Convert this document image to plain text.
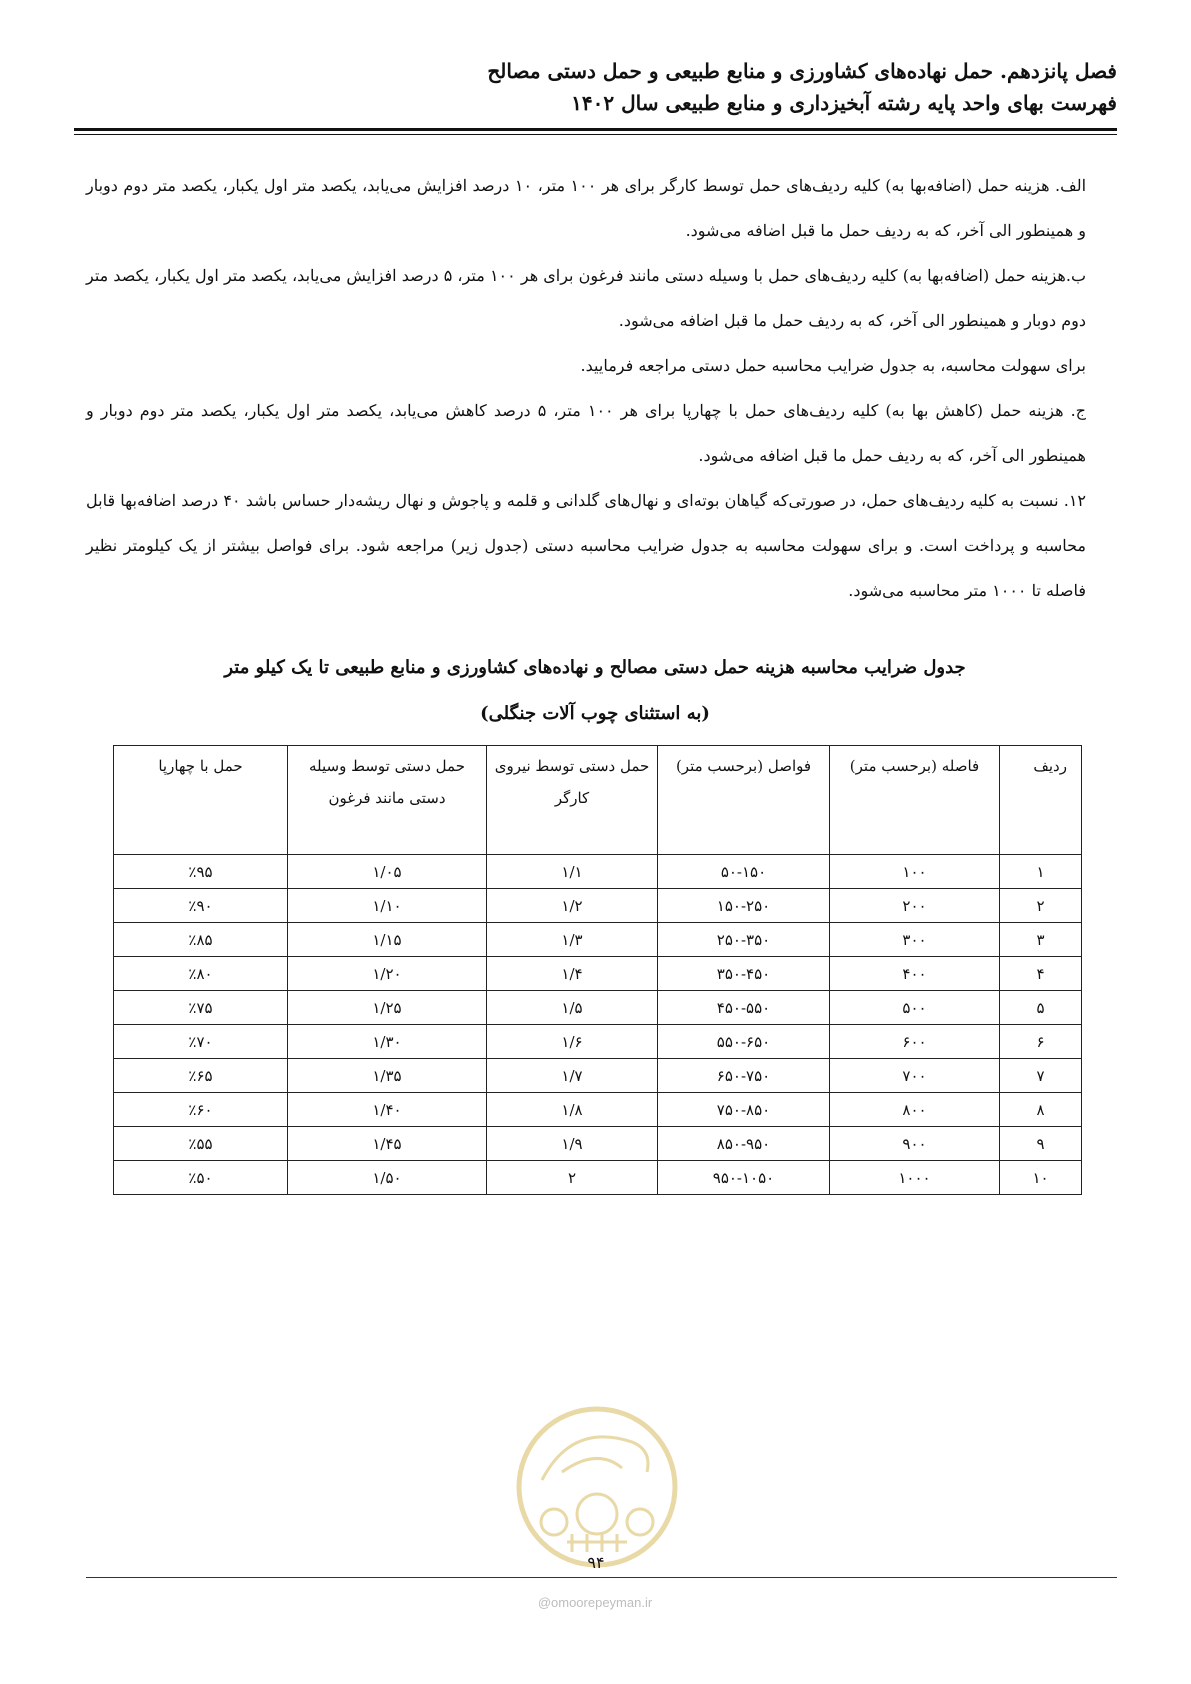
فصل پانزدهم. حمل نهاده‌های کشاورزی و منابع طبیعی و حمل دستی مصالح
فهرست بهای واحد پایه رشته آبخیزداری و منابع طبیعی سال ۱۴۰۲

الف. هزینه حمل (اضافه‌بها به) کلیه ردیف‌های حمل توسط کارگر برای هر ۱۰۰ متر، ۱۰ درصد افزایش می‌یابد، یکصد متر اول یکبار، یکصد متر دوم دوبار و همینطور الی آخر، که به ردیف حمل ما قبل اضافه می‌شود.

ب.هزینه حمل (اضافه‌بها به) کلیه ردیف‌های حمل با وسیله دستی مانند فرغون برای هر ۱۰۰ متر، ۵ درصد افزایش می‌یابد، یکصد متر اول یکبار، یکصد متر دوم دوبار و همینطور الی آخر، که به ردیف حمل ما قبل اضافه می‌شود.

برای سهولت محاسبه، به جدول ضرایب محاسبه حمل دستی مراجعه فرمایید.

ج. هزینه حمل (کاهش بها به) کلیه ردیف‌های حمل با چهارپا برای هر ۱۰۰ متر، ۵ درصد کاهش می‌یابد، یکصد متر اول یکبار، یکصد متر دوم دوبار و همینطور الی آخر، که به ردیف حمل ما قبل اضافه می‌شود.

۱۲. نسبت به کلیه ردیف‌های حمل، در صورتی‌که گیاهان بوته‌ای و نهال‌های گلدانی و قلمه و پاجوش و نهال ریشه‌دار حساس باشد ۴۰ درصد اضافه‌بها قابل محاسبه و پرداخت است. و برای سهولت محاسبه به جدول ضرایب محاسبه دستی (جدول زیر) مراجعه شود. برای فواصل بیشتر از یک کیلومتر نظیر فاصله تا ۱۰۰۰ متر محاسبه می‌شود.

جدول ضرایب محاسبه هزینه حمل دستی مصالح و نهاده‌های کشاورزی و منابع طبیعی تا یک کیلو متر
(به استثنای چوب آلات جنگلی)
ردیف	فاصله (برحسب متر)	فواصل (برحسب متر)	حمل دستی توسط نیروی کارگر	حمل دستی توسط وسیله دستی مانند فرغون	حمل با چهارپا
۱	۱۰۰	۵۰-۱۵۰	۱/۱	۱/۰۵	٪۹۵
۲	۲۰۰	۱۵۰-۲۵۰	۱/۲	۱/۱۰	٪۹۰
۳	۳۰۰	۲۵۰-۳۵۰	۱/۳	۱/۱۵	٪۸۵
۴	۴۰۰	۳۵۰-۴۵۰	۱/۴	۱/۲۰	٪۸۰
۵	۵۰۰	۴۵۰-۵۵۰	۱/۵	۱/۲۵	٪۷۵
۶	۶۰۰	۵۵۰-۶۵۰	۱/۶	۱/۳۰	٪۷۰
۷	۷۰۰	۶۵۰-۷۵۰	۱/۷	۱/۳۵	٪۶۵
۸	۸۰۰	۷۵۰-۸۵۰	۱/۸	۱/۴۰	٪۶۰
۹	۹۰۰	۸۵۰-۹۵۰	۱/۹	۱/۴۵	٪۵۵
۱۰	۱۰۰۰	۹۵۰-۱۰۵۰	۲	۱/۵۰	٪۵۰
۹۴
@omoorepeyman.ir
